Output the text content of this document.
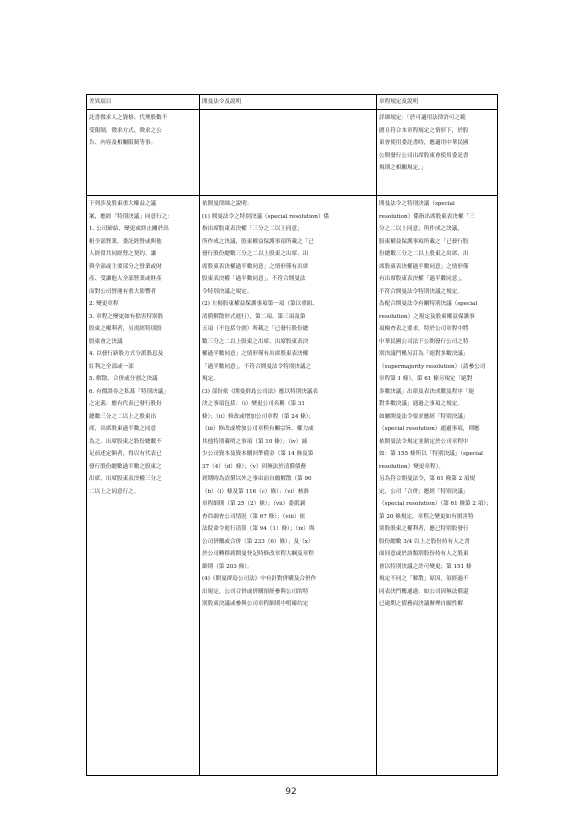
差異項目	開曼法令及說明	章程規定及說明
託書徵求人之資格、代理股數不
受限制、徵求方式、徵求之公
告、內容及相關限制等事。
詳細規定：「於可適用法律許可之範
圍且符合本章程規定之情形下，於股
東會使用委託書時，應適用中華民國
公開發行公司出席股東會使用委託書
規則之相關規定。」
下列涉及股東重大權益之議
案，應經「特別決議」同意行之：
1. 公司締結、變更或終止關於出
租全部營業，委託經營或與他
人經常共同經營之契約、讓
與全部或主要部分之營業或財
產、受讓他人全部營業或財產
而對公司營運有重大影響者
2. 變更章程
3. 章程之變更如有損害特別股
股東之權利者，另需經特別股
股東會之決議
4. 以發行新股方式分派股息及
紅利之全部或一部
5. 解散、合併或分割之決議
6. 有價證券之私募「特別決議」
之定義：應有代表已發行股份
總數三分之二以上之股東出
席，出席股東過半數之同意
為之。出席股東之股份總數不
足前述定額者，得以有代表已
發行股份總數過半數之股東之
出席，出席股東表決權三分之
二以上之同意行之。
依開曼律師之說明：
(1) 開曼法令之特別決議（special resolution）係
指出席股東表決權「三分之二以上同意」
所作成之決議，股東權益保護事項所載之「已
發行股份總數三分之二以上股東之出席、出
席股東表決權過半數同意」之情形僅有出席
股東表決權「過半數同意」，不符合開曼法
令特別決議之規定。
(2) 左揭股東權益保護事項第一項（第以重組、
清償解散形式進行），第二項、第三項及第
五項（不包括分割）所載之「已發行股份總
數三分之二以上股東之出席、出席股東表決
權過半數同意」之情形僅有出席股東表決權
「過半數同意」，不符合開曼法令特別決議之
規定。
(3) 部份依《開曼群島公司法》應以特別決議表
決之事項包括：（i）變更公司名稱（第 31
條）；（ii）修改或增加公司章程（第 24 條）；
（iii）修改或增加公司章程有關宗旨、權力或
其他特別載明之事項（第 10 條）；（iv）減
少公司資本及資本贖回準備金（第 14 條及第
37（4）（d）條）；（v）因無法於清償債務
到期時為清償以外之事由而自願解散（第 90
（b）（i）條及第 116（c）條）；（vi）核准
章程細則（第 25（2）條）；（vii）委派調
查員調查公司情況（第 67 條）；（viii）依
法院命令進行清算（第 94（1）條）；（ix）與
公司併購或合併（第 233（6）條）；及（x）
於公司轉移到開曼登記時修改章程大綱及章程
細則（第 203 條）。
(4)《開曼群島公司法》中有針對併購及合併作
出規定。公司合併或併購預經參與公司的特
別股東決議或參與公司章程細則中明確約定
開曼法令之特別決議（special
resolution）係指出席股東表決權「三
分之二以上同意」所作成之決議，
股東權益保護事項所載之「已發行股
份總數三分之二以上股東之出席、出
席股東表決權過半數同意」之情形僅
有出席股東表決權「過半數同意」，
不符合開曼法令特別決議之規定。
為配合開曼法令有關特別決議（special
resolution）之規定及股東權益保護事
項檢查表之要求，特於公司章程中將
中華民國公司法下公開發行公司之特
別決議門檻另訂為「絕對多數決議」
（supermajority resolution）（請參公司
章程第 1 條），第 61 條另規定「絕對
多數決議」出席及表決成數及程序「絕
對多數決議」通過之事項之規定。
如屬開曼法令要求應經「特別決議」
（special resolution）通過事項，則應
依開曼法令規定並制定於公司章程中
如：第 155 條所以「特別決議」（special
resolution）變更章程）。
另為符合開曼法令，第 61 條第 2 項規
定，公司「合併」應經「特別決議」
（special resolution）（第 61 條第 2 項）；
第 20 條規定，章程之變更如有損害特
別股股東之權利者，應已特別股發行
股份總數 3/4 以上之股份持有人之書
面同意或於該類別股份持有人之股東
會以特別決議之許可變更；第 151 條
規定不同之「解散」原因，須經過不
同表決門檻通過：如公司因無法償還
已逾期之債務而決議辦理自願性解
92
